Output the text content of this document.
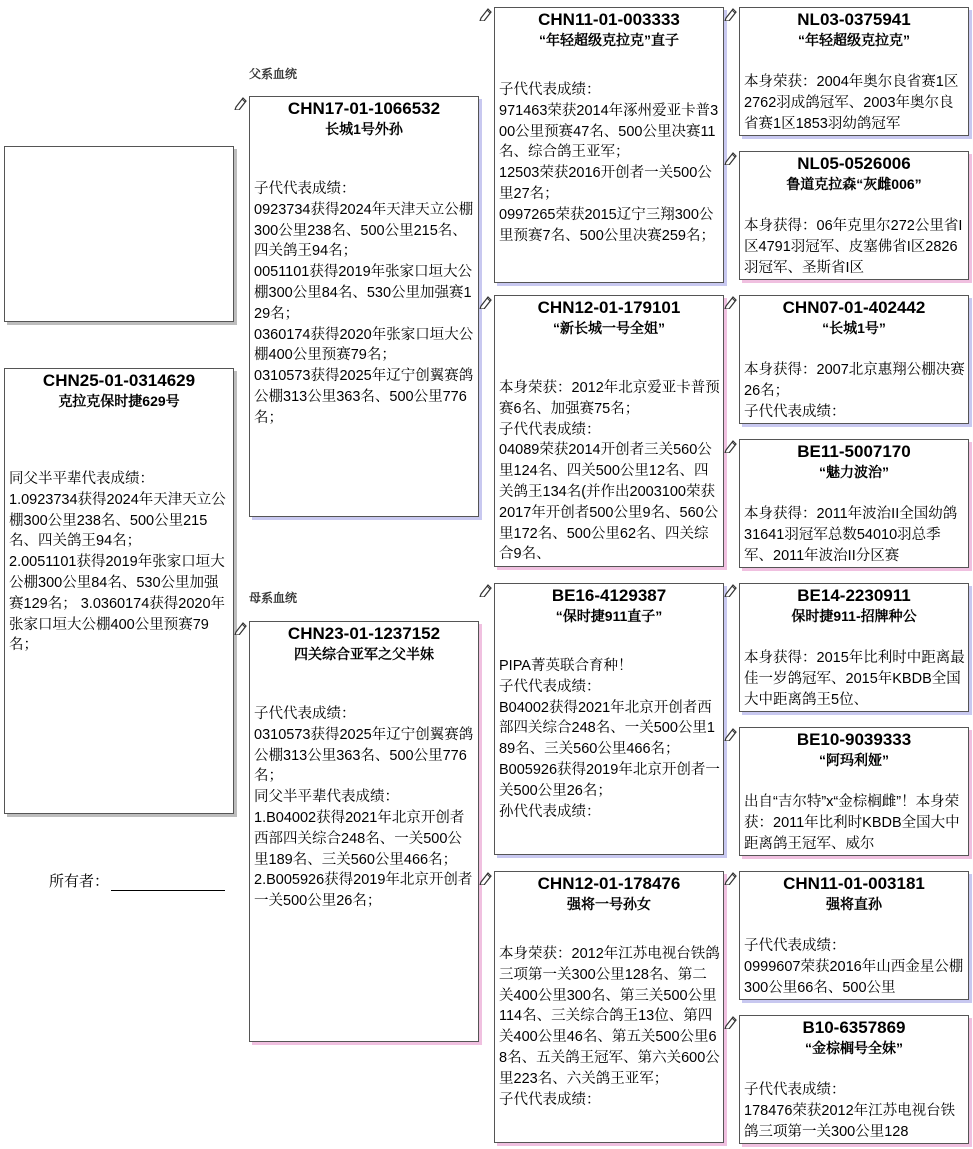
父系血统
母系血统
CHN25-01-0314629
克拉克保时捷629号
同父半平辈代表成绩：
1.0923734获得2024年天津天立公棚300公里238名、500公里215名、四关鸽王94名；
2.0051101获得2019年张家口垣大公棚300公里84名、530公里加强赛129名； 3.0360174获得2020年张家口垣大公棚400公里预赛79名；
所有者：
CHN17-01-1066532
长城1号外孙
子代代表成绩：
0923734获得2024年天津天立公棚300公里238名、500公里215名、四关鸽王94名；
0051101获得2019年张家口垣大公棚300公里84名、530公里加强赛129名；
0360174获得2020年张家口垣大公棚400公里预赛79名；
0310573获得2025年辽宁创翼赛鸽公棚313公里363名、500公里776名；
CHN23-01-1237152
四关综合亚军之父半妹
子代代表成绩：
0310573获得2025年辽宁创翼赛鸽公棚313公里363名、500公里776名；
同父半平辈代表成绩：
1.B04002获得2021年北京开创者西部四关综合248名、一关500公里189名、三关560公里466名；
2.B005926获得2019年北京开创者一关500公里26名；
CHN11-01-003333
“年轻超级克拉克”直子
子代代表成绩：
971463荣获2014年涿州爱亚卡普300公里预赛47名、500公里决赛11名、综合鸽王亚军；
12503荣获2016开创者一关500公里27名；
0997265荣获2015辽宁三翔300公里预赛7名、500公里决赛259名；
CHN12-01-179101
“新长城一号全姐”
本身荣获：2012年北京爱亚卡普预赛6名、加强赛75名；
子代代表成绩：
04089荣获2014开创者三关560公里124名、四关500公里12名、四关鸽王134名(并作出2003100荣获2017年开创者500公里9名、560公里172名、500公里62名、四关综合9名、
BE16-4129387
“保时捷911直子”
PIPA菁英联合育种！
子代代表成绩：
B04002获得2021年北京开创者西部四关综合248名、一关500公里189名、三关560公里466名；
B005926获得2019年北京开创者一关500公里26名；
孙代代表成绩：
CHN12-01-178476
强将一号孙女
本身荣获：2012年江苏电视台铁鸽三项第一关300公里128名、第二关400公里300名、第三关500公里114名、三关综合鸽王13位、第四关400公里46名、第五关500公里68名、五关鸽王冠军、第六关600公里223名、六关鸽王亚军；
子代代表成绩：
NL03-0375941
“年轻超级克拉克”
本身荣获：2004年奥尔良省赛1区2762羽成鸽冠军、2003年奥尔良省赛1区1853羽幼鸽冠军
NL05-0526006
鲁道克拉森“灰雌006”
本身获得：06年克里尔272公里省I区4791羽冠军、皮塞佛省I区2826羽冠军、圣斯省I区
CHN07-01-402442
“长城1号”
本身获得：2007北京惠翔公棚决赛26名；
子代代表成绩：
BE11-5007170
“魅力波治”
本身获得：2011年波治II全国幼鸽31641羽冠军总数54010羽总季军、2011年波治II分区赛
BE14-2230911
保时捷911-招牌种公
本身获得：2015年比利时中距离最佳一岁鸽冠军、2015年KBDB全国大中距离鸽王5位、
BE10-9039333
“阿玛利娅”
出自“吉尔特”x“金棕榈雌”！本身荣获：2011年比利时KBDB全国大中距离鸽王冠军、威尔
CHN11-01-003181
强将直孙
子代代表成绩：
0999607荣获2016年山西金星公棚300公里66名、500公里
B10-6357869
“金棕榈号全妹”
子代代表成绩：
178476荣获2012年江苏电视台铁鸽三项第一关300公里128
